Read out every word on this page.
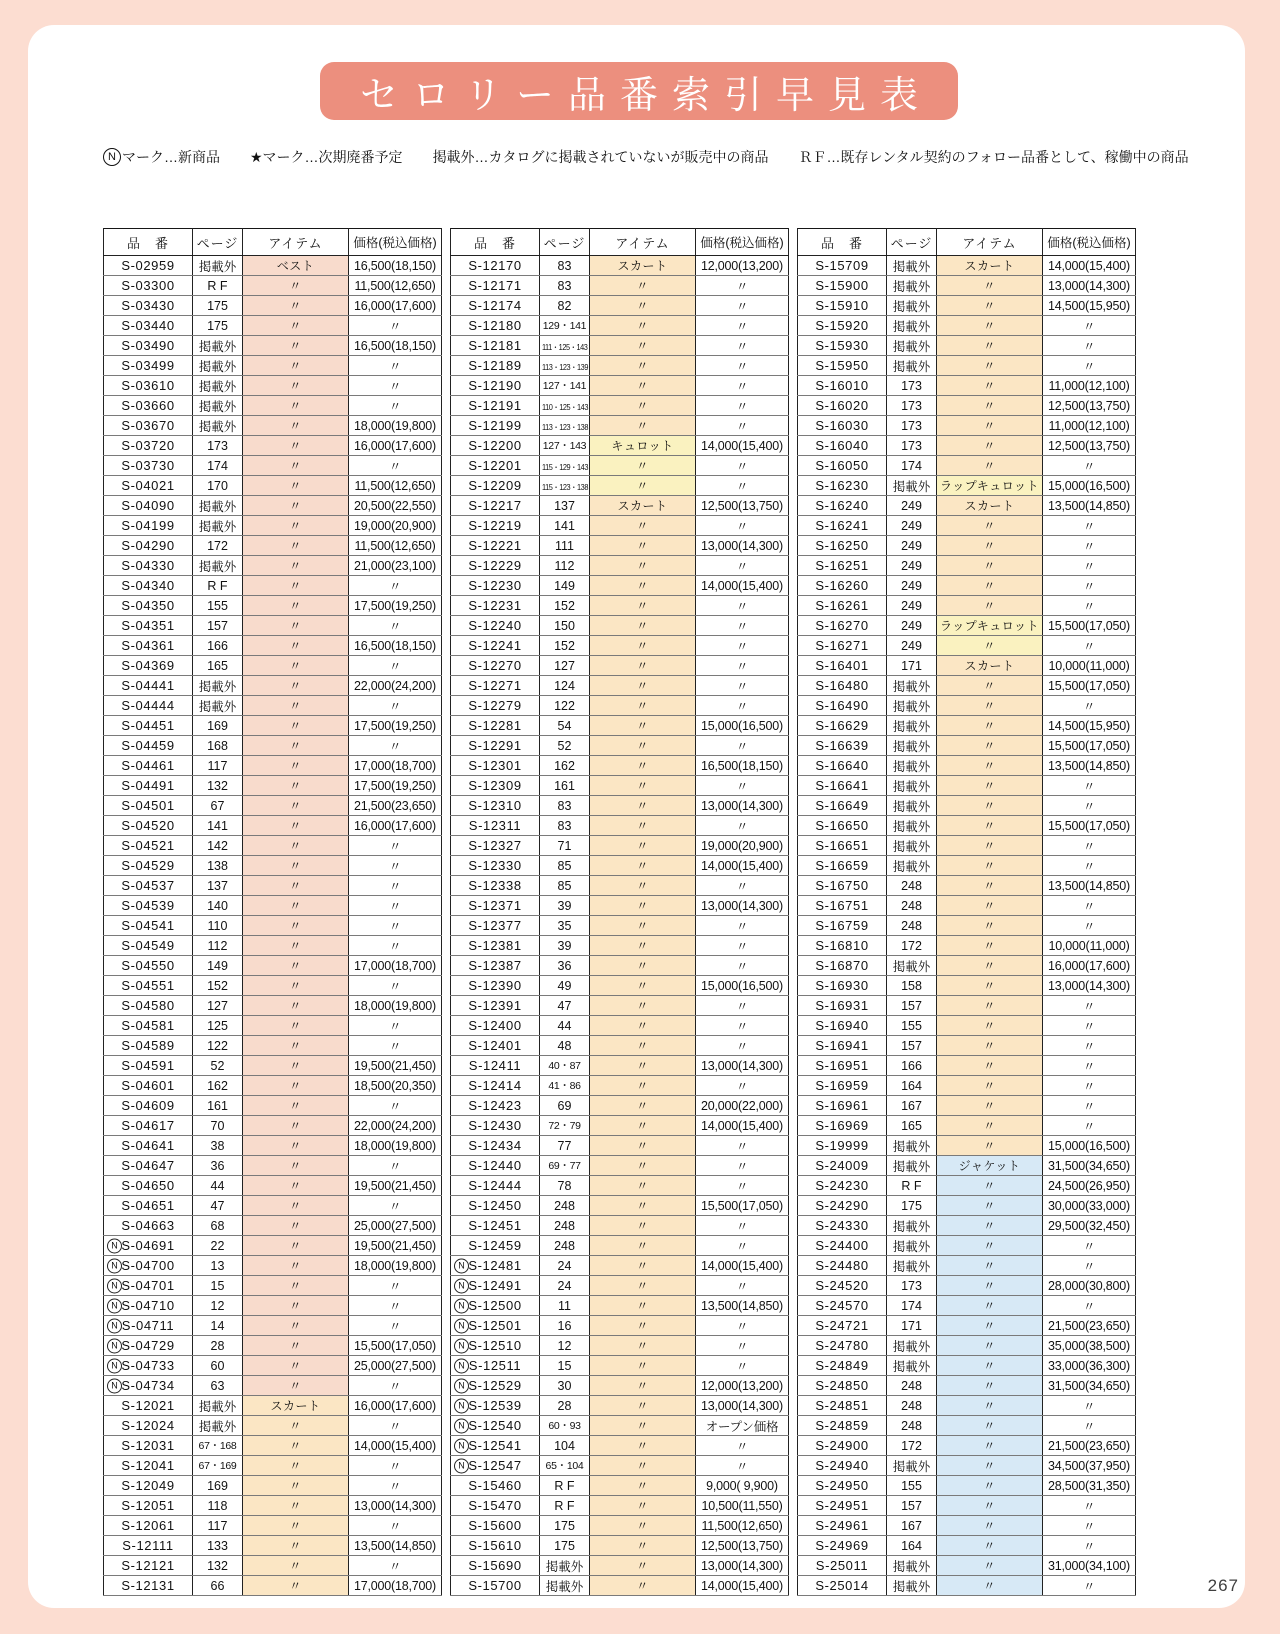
セロリー品番索引早見表
N マーク…新商品 ★マーク…次期廃番予定 掲載外…カタログに掲載されていないが販売中の商品 ＲＦ…既存レンタル契約のフォロー品番として、稼働中の商品
品　番	ページ	アイテム	価格(税込価格)
S-02959	掲載外	ベスト	16,500(18,150)
S-03300	R F	〃	11,500(12,650)
S-03430	175	〃	16,000(17,600)
S-03440	175	〃	〃
S-03490	掲載外	〃	16,500(18,150)
S-03499	掲載外	〃	〃
S-03610	掲載外	〃	〃
S-03660	掲載外	〃	〃
S-03670	掲載外	〃	18,000(19,800)
S-03720	173	〃	16,000(17,600)
S-03730	174	〃	〃
S-04021	170	〃	11,500(12,650)
S-04090	掲載外	〃	20,500(22,550)
S-04199	掲載外	〃	19,000(20,900)
S-04290	172	〃	11,500(12,650)
S-04330	掲載外	〃	21,000(23,100)
S-04340	R F	〃	〃
S-04350	155	〃	17,500(19,250)
S-04351	157	〃	〃
S-04361	166	〃	16,500(18,150)
S-04369	165	〃	〃
S-04441	掲載外	〃	22,000(24,200)
S-04444	掲載外	〃	〃
S-04451	169	〃	17,500(19,250)
S-04459	168	〃	〃
S-04461	117	〃	17,000(18,700)
S-04491	132	〃	17,500(19,250)
S-04501	67	〃	21,500(23,650)
S-04520	141	〃	16,000(17,600)
S-04521	142	〃	〃
S-04529	138	〃	〃
S-04537	137	〃	〃
S-04539	140	〃	〃
S-04541	110	〃	〃
S-04549	112	〃	〃
S-04550	149	〃	17,000(18,700)
S-04551	152	〃	〃
S-04580	127	〃	18,000(19,800)
S-04581	125	〃	〃
S-04589	122	〃	〃
S-04591	52	〃	19,500(21,450)
S-04601	162	〃	18,500(20,350)
S-04609	161	〃	〃
S-04617	70	〃	22,000(24,200)
S-04641	38	〃	18,000(19,800)
S-04647	36	〃	〃
S-04650	44	〃	19,500(21,450)
S-04651	47	〃	〃
S-04663	68	〃	25,000(27,500)

N S-04691	22	〃	19,500(21,450)

N S-04700	13	〃	18,000(19,800)

N S-04701	15	〃	〃

N S-04710	12	〃	〃

N S-04711	14	〃	〃

N S-04729	28	〃	15,500(17,050)

N S-04733	60	〃	25,000(27,500)

N S-04734	63	〃	〃
S-12021	掲載外	スカート	16,000(17,600)
S-12024	掲載外	〃	〃
S-12031	67・168	〃	14,000(15,400)
S-12041	67・169	〃	〃
S-12049	169	〃	〃
S-12051	118	〃	13,000(14,300)
S-12061	117	〃	〃
S-12111	133	〃	13,500(14,850)
S-12121	132	〃	〃
S-12131	66	〃	17,000(18,700)
品　番	ページ	アイテム	価格(税込価格)
S-12170	83	スカート	12,000(13,200)
S-12171	83	〃	〃
S-12174	82	〃	〃
S-12180	129・141	〃	〃
S-12181	111・125・143	〃	〃
S-12189	113・123・139	〃	〃
S-12190	127・141	〃	〃
S-12191	110・125・143	〃	〃
S-12199	113・123・138	〃	〃
S-12200	127・143	キュロット	14,000(15,400)
S-12201	115・129・143	〃	〃
S-12209	115・123・138	〃	〃
S-12217	137	スカート	12,500(13,750)
S-12219	141	〃	〃
S-12221	111	〃	13,000(14,300)
S-12229	112	〃	〃
S-12230	149	〃	14,000(15,400)
S-12231	152	〃	〃
S-12240	150	〃	〃
S-12241	152	〃	〃
S-12270	127	〃	〃
S-12271	124	〃	〃
S-12279	122	〃	〃
S-12281	54	〃	15,000(16,500)
S-12291	52	〃	〃
S-12301	162	〃	16,500(18,150)
S-12309	161	〃	〃
S-12310	83	〃	13,000(14,300)
S-12311	83	〃	〃
S-12327	71	〃	19,000(20,900)
S-12330	85	〃	14,000(15,400)
S-12338	85	〃	〃
S-12371	39	〃	13,000(14,300)
S-12377	35	〃	〃
S-12381	39	〃	〃
S-12387	36	〃	〃
S-12390	49	〃	15,000(16,500)
S-12391	47	〃	〃
S-12400	44	〃	〃
S-12401	48	〃	〃
S-12411	40・87	〃	13,000(14,300)
S-12414	41・86	〃	〃
S-12423	69	〃	20,000(22,000)
S-12430	72・79	〃	14,000(15,400)
S-12434	77	〃	〃
S-12440	69・77	〃	〃
S-12444	78	〃	〃
S-12450	248	〃	15,500(17,050)
S-12451	248	〃	〃
S-12459	248	〃	〃

N S-12481	24	〃	14,000(15,400)

N S-12491	24	〃	〃

N S-12500	11	〃	13,500(14,850)

N S-12501	16	〃	〃

N S-12510	12	〃	〃

N S-12511	15	〃	〃

N S-12529	30	〃	12,000(13,200)

N S-12539	28	〃	13,000(14,300)

N S-12540	60・93	〃	オープン価格

N S-12541	104	〃	〃

N S-12547	65・104	〃	〃
S-15460	R F	〃	9,000( 9,900)
S-15470	R F	〃	10,500(11,550)
S-15600	175	〃	11,500(12,650)
S-15610	175	〃	12,500(13,750)
S-15690	掲載外	〃	13,000(14,300)
S-15700	掲載外	〃	14,000(15,400)
品　番	ページ	アイテム	価格(税込価格)
S-15709	掲載外	スカート	14,000(15,400)
S-15900	掲載外	〃	13,000(14,300)
S-15910	掲載外	〃	14,500(15,950)
S-15920	掲載外	〃	〃
S-15930	掲載外	〃	〃
S-15950	掲載外	〃	〃
S-16010	173	〃	11,000(12,100)
S-16020	173	〃	12,500(13,750)
S-16030	173	〃	11,000(12,100)
S-16040	173	〃	12,500(13,750)
S-16050	174	〃	〃
S-16230	掲載外	ラップキュロット	15,000(16,500)
S-16240	249	スカート	13,500(14,850)
S-16241	249	〃	〃
S-16250	249	〃	〃
S-16251	249	〃	〃
S-16260	249	〃	〃
S-16261	249	〃	〃
S-16270	249	ラップキュロット	15,500(17,050)
S-16271	249	〃	〃
S-16401	171	スカート	10,000(11,000)
S-16480	掲載外	〃	15,500(17,050)
S-16490	掲載外	〃	〃
S-16629	掲載外	〃	14,500(15,950)
S-16639	掲載外	〃	15,500(17,050)
S-16640	掲載外	〃	13,500(14,850)
S-16641	掲載外	〃	〃
S-16649	掲載外	〃	〃
S-16650	掲載外	〃	15,500(17,050)
S-16651	掲載外	〃	〃
S-16659	掲載外	〃	〃
S-16750	248	〃	13,500(14,850)
S-16751	248	〃	〃
S-16759	248	〃	〃
S-16810	172	〃	10,000(11,000)
S-16870	掲載外	〃	16,000(17,600)
S-16930	158	〃	13,000(14,300)
S-16931	157	〃	〃
S-16940	155	〃	〃
S-16941	157	〃	〃
S-16951	166	〃	〃
S-16959	164	〃	〃
S-16961	167	〃	〃
S-16969	165	〃	〃
S-19999	掲載外	〃	15,000(16,500)
S-24009	掲載外	ジャケット	31,500(34,650)
S-24230	R F	〃	24,500(26,950)
S-24290	175	〃	30,000(33,000)
S-24330	掲載外	〃	29,500(32,450)
S-24400	掲載外	〃	〃
S-24480	掲載外	〃	〃
S-24520	173	〃	28,000(30,800)
S-24570	174	〃	〃
S-24721	171	〃	21,500(23,650)
S-24780	掲載外	〃	35,000(38,500)
S-24849	掲載外	〃	33,000(36,300)
S-24850	248	〃	31,500(34,650)
S-24851	248	〃	〃
S-24859	248	〃	〃
S-24900	172	〃	21,500(23,650)
S-24940	掲載外	〃	34,500(37,950)
S-24950	155	〃	28,500(31,350)
S-24951	157	〃	〃
S-24961	167	〃	〃
S-24969	164	〃	〃
S-25011	掲載外	〃	31,000(34,100)
S-25014	掲載外	〃	〃	267
